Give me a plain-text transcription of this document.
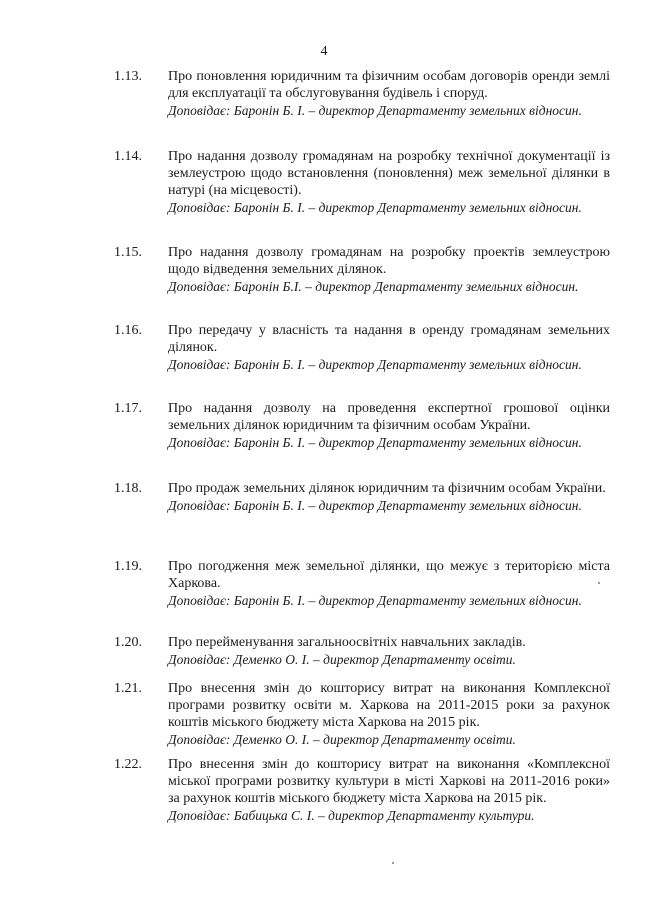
4
1.13.	Про поновлення юридичним та фізичним особам договорів оренди землі для експлуатації та обслуговування будівель і споруд.
Доповідає: Баронін Б. І. – директор Департаменту земельних відносин.
1.14.	Про надання дозволу громадянам на розробку технічної документації із землеустрою щодо встановлення (поновлення) меж земельної ділянки в натурі (на місцевості).
Доповідає: Баронін Б. І. – директор Департаменту земельних відносин.
1.15.	Про надання дозволу громадянам на розробку проектів землеустрою щодо відведення земельних ділянок.
Доповідає: Баронін Б.І. – директор Департаменту земельних відносин.
1.16.	Про передачу у власність та надання в оренду громадянам земельних ділянок.
Доповідає: Баронін Б. І. – директор Департаменту земельних відносин.
1.17.	Про надання дозволу на проведення експертної грошової оцінки земельних ділянок юридичним та фізичним особам України.
Доповідає: Баронін Б. І. – директор Департаменту земельних відносин.
1.18.	Про продаж земельних ділянок юридичним та фізичним особам України.
Доповідає: Баронін Б. І. – директор Департаменту земельних відносин.
1.19.	Про погодження меж земельної ділянки, що межує з територією міста Харкова.
Доповідає: Баронін Б. І. – директор Департаменту земельних відносин.
1.20.	Про перейменування загальноосвітніх навчальних закладів.
Доповідає: Деменко О. І. – директор Департаменту освіти.
1.21.	Про внесення змін до кошторису витрат на виконання Комплексної програми розвитку освіти м. Харкова на 2011-2015 роки за рахунок коштів міського бюджету міста Харкова на 2015 рік.
Доповідає: Деменко О. І. – директор Департаменту освіти.
1.22.	Про внесення змін до кошторису витрат на виконання «Комплексної міської програми розвитку культури в місті Харкові на 2011-2016 роки» за рахунок коштів міського бюджету міста Харкова на 2015 рік.
Доповідає: Бабицька С. І. – директор Департаменту культури.
